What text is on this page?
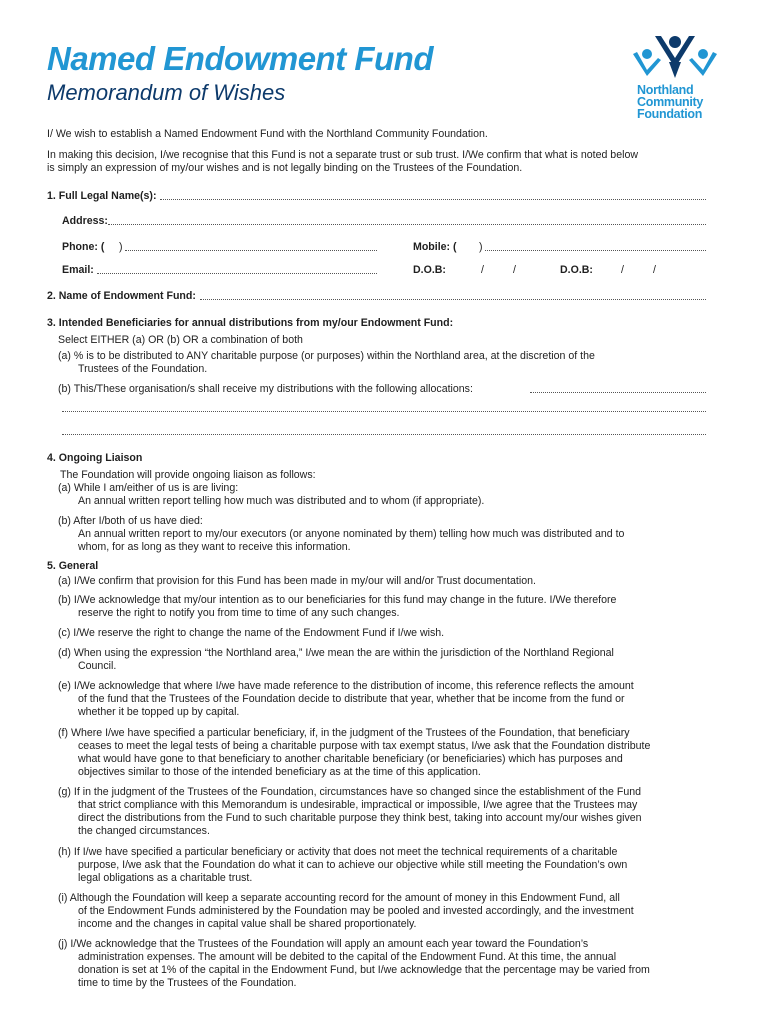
Named Endowment Fund
Memorandum of Wishes	Northland
Community
Foundation
I/ We wish to establish a Named Endowment Fund with the Northland Community Foundation.
In making this decision, I/we recognise that this Fund is not a separate trust or sub trust. I/We confirm that what is noted below
is simply an expression of my/our wishes and is not legally binding on the Trustees of the Foundation.
1. Full Legal Name(s):
Address:
Phone: ( )	Mobile: ( )
Email:	D.O.B:	/	/	D.O.B:	/	/
2. Name of Endowment Fund:
3. Intended Beneficiaries for annual distributions from my/our Endowment Fund:
Select EITHER (a) OR (b) OR a combination of both
(a) % is to be distributed to ANY charitable purpose (or purposes) within the Northland area, at the discretion of the
Trustees of the Foundation.
(b) This/These organisation/s shall receive my distributions with the following allocations:
4. Ongoing Liaison
The Foundation will provide ongoing liaison as follows:
(a) While I am/either of us is are living:
An annual written report telling how much was distributed and to whom (if appropriate).
(b) After I/both of us have died:
An annual written report to my/our executors (or anyone nominated by them) telling how much was distributed and to
whom, for as long as they want to receive this information.
5. General
(a) I/We confirm that provision for this Fund has been made in my/our will and/or Trust documentation.
(b) I/We acknowledge that my/our intention as to our beneficiaries for this fund may change in the future. I/We therefore
reserve the right to notify you from time to time of any such changes.
(c) I/We reserve the right to change the name of the Endowment Fund if I/we wish.
(d) When using the expression “the Northland area,” I/we mean the are within the jurisdiction of the Northland Regional
Council.
(e) I/We acknowledge that where I/we have made reference to the distribution of income, this reference reflects the amount
of the fund that the Trustees of the Foundation decide to distribute that year, whether that be income from the fund or
whether it be topped up by capital.
(f) Where I/we have specified a particular beneficiary, if, in the judgment of the Trustees of the Foundation, that beneficiary
ceases to meet the legal tests of being a charitable purpose with tax exempt status, I/we ask that the Foundation distribute
what would have gone to that beneficiary to another charitable beneficiary (or beneficiaries) which has purposes and
objectives similar to those of the intended beneficiary as at the time of this application.
(g) If in the judgment of the Trustees of the Foundation, circumstances have so changed since the establishment of the Fund
that strict compliance with this Memorandum is undesirable, impractical or impossible, I/we agree that the Trustees may
direct the distributions from the Fund to such charitable purpose they think best, taking into account my/our wishes given
the changed circumstances.
(h) If I/we have specified a particular beneficiary or activity that does not meet the technical requirements of a charitable
purpose, I/we ask that the Foundation do what it can to achieve our objective while still meeting the Foundation’s own
legal obligations as a charitable trust.
(i) Although the Foundation will keep a separate accounting record for the amount of money in this Endowment Fund, all
of the Endowment Funds administered by the Foundation may be pooled and invested accordingly, and the investment
income and the changes in capital value shall be shared proportionately.
(j) I/We acknowledge that the Trustees of the Foundation will apply an amount each year toward the Foundation’s
administration expenses. The amount will be debited to the capital of the Endowment Fund. At this time, the annual
donation is set at 1% of the capital in the Endowment Fund, but I/we acknowledge that the percentage may be varied from
time to time by the Trustees of the Foundation.
